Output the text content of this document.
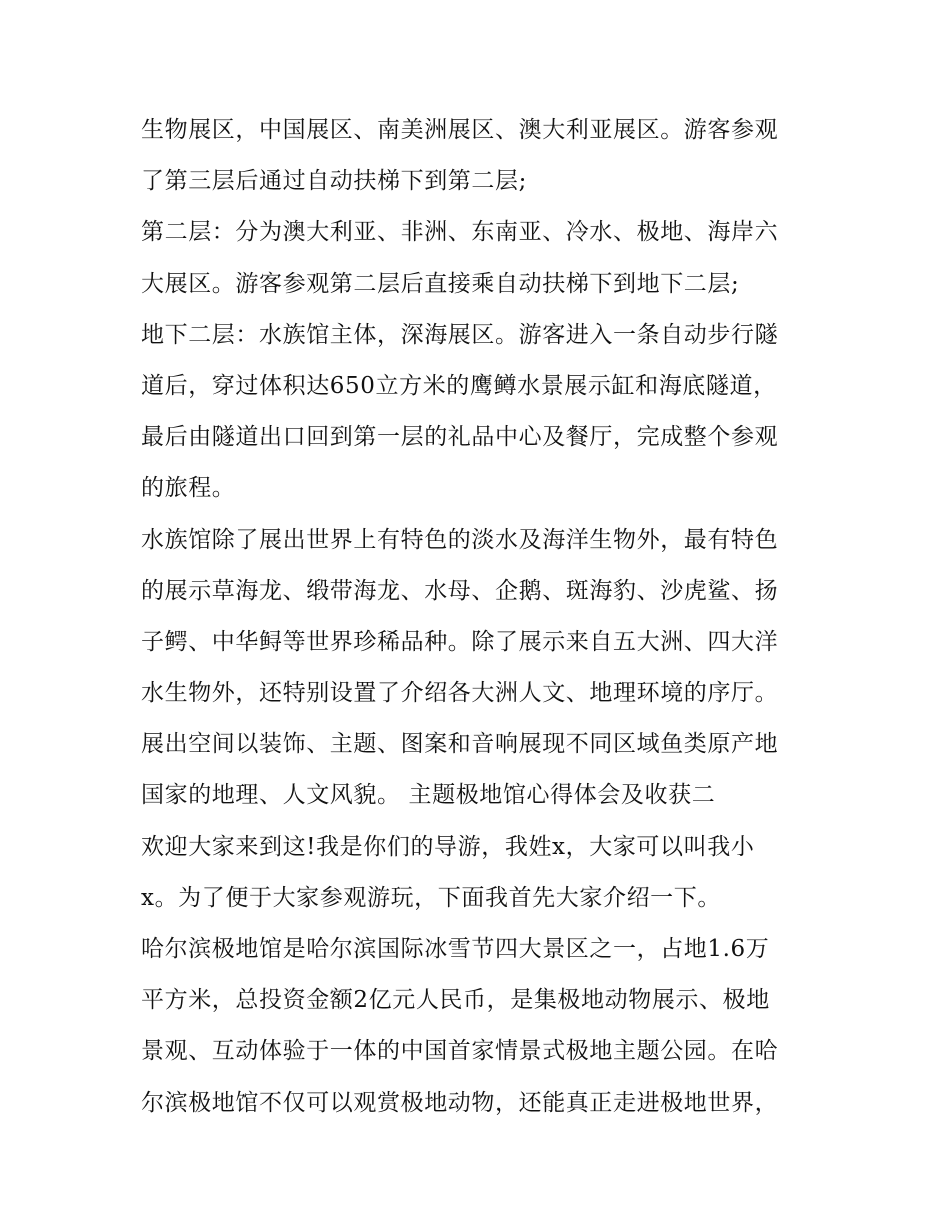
生物展区，中国展区、南美洲展区、澳大利亚展区。游客参观
了第三层后通过自动扶梯下到第二层;
第二层：分为澳大利亚、非洲、东南亚、冷水、极地、海岸六
大展区。游客参观第二层后直接乘自动扶梯下到地下二层;
地下二层：水族馆主体，深海展区。游客进入一条自动步行隧
道后，穿过体积达650立方米的鹰鳟水景展示缸和海底隧道，
最后由隧道出口回到第一层的礼品中心及餐厅，完成整个参观
的旅程。
水族馆除了展出世界上有特色的淡水及海洋生物外，最有特色
的展示草海龙、缎带海龙、水母、企鹅、斑海豹、沙虎鲨、扬
子鳄、中华鲟等世界珍稀品种。除了展示来自五大洲、四大洋
水生物外，还特别设置了介绍各大洲人文、地理环境的序厅。
展出空间以装饰、主题、图案和音响展现不同区域鱼类原产地
国家的地理、人文风貌。 主题极地馆心得体会及收获二
欢迎大家来到这!我是你们的导游，我姓x，大家可以叫我小
x。为了便于大家参观游玩，下面我首先大家介绍一下。
哈尔滨极地馆是哈尔滨国际冰雪节四大景区之一，占地1.6万
平方米，总投资金额2亿元人民币，是集极地动物展示、极地
景观、互动体验于一体的中国首家情景式极地主题公园。在哈
尔滨极地馆不仅可以观赏极地动物，还能真正走进极地世界，
